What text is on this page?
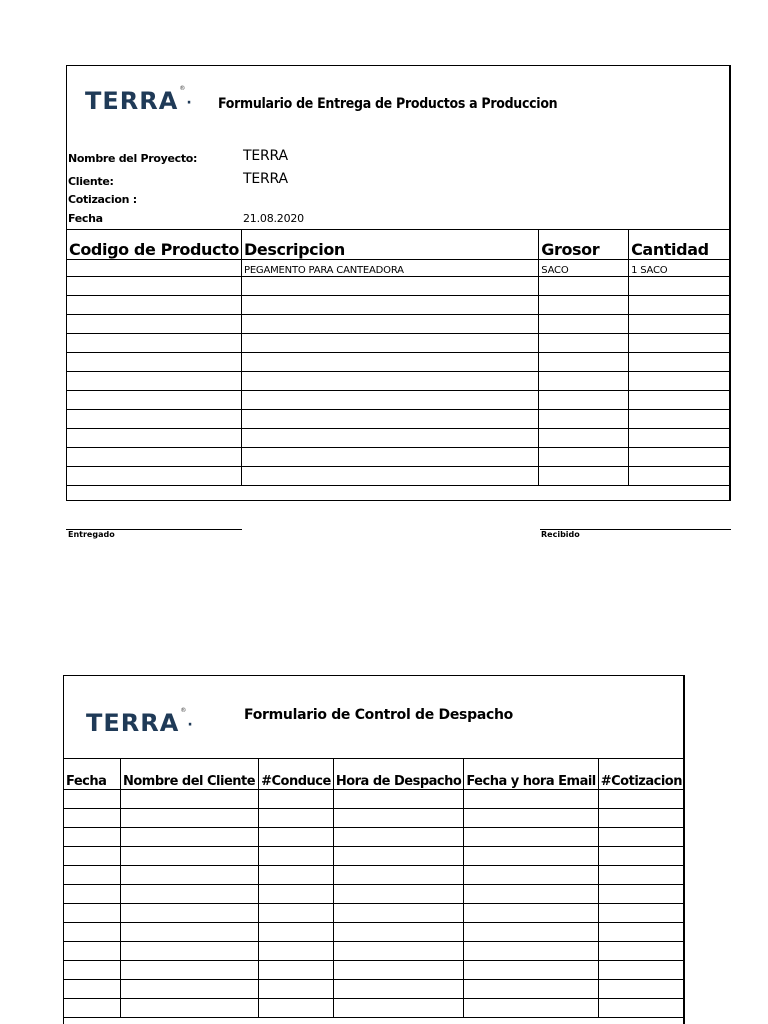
TERRA ®
· Formulario de Entrega de Productos a Produccion
Nombre del Proyecto:	TERRA
Cliente:	TERRA
Cotizacion :
Fecha	21.08.2020
Codigo de Producto	Descripcion	Grosor	Cantidad
	PEGAMENTO PARA CANTEADORA	SACO	1 SACO

Entregado	Recibido
TERRA ®
·
Formulario de Control de Despacho
Fecha	Nombre del Cliente	#Conduce	Hora de Despacho	Fecha y hora Email	#Cotizacion
